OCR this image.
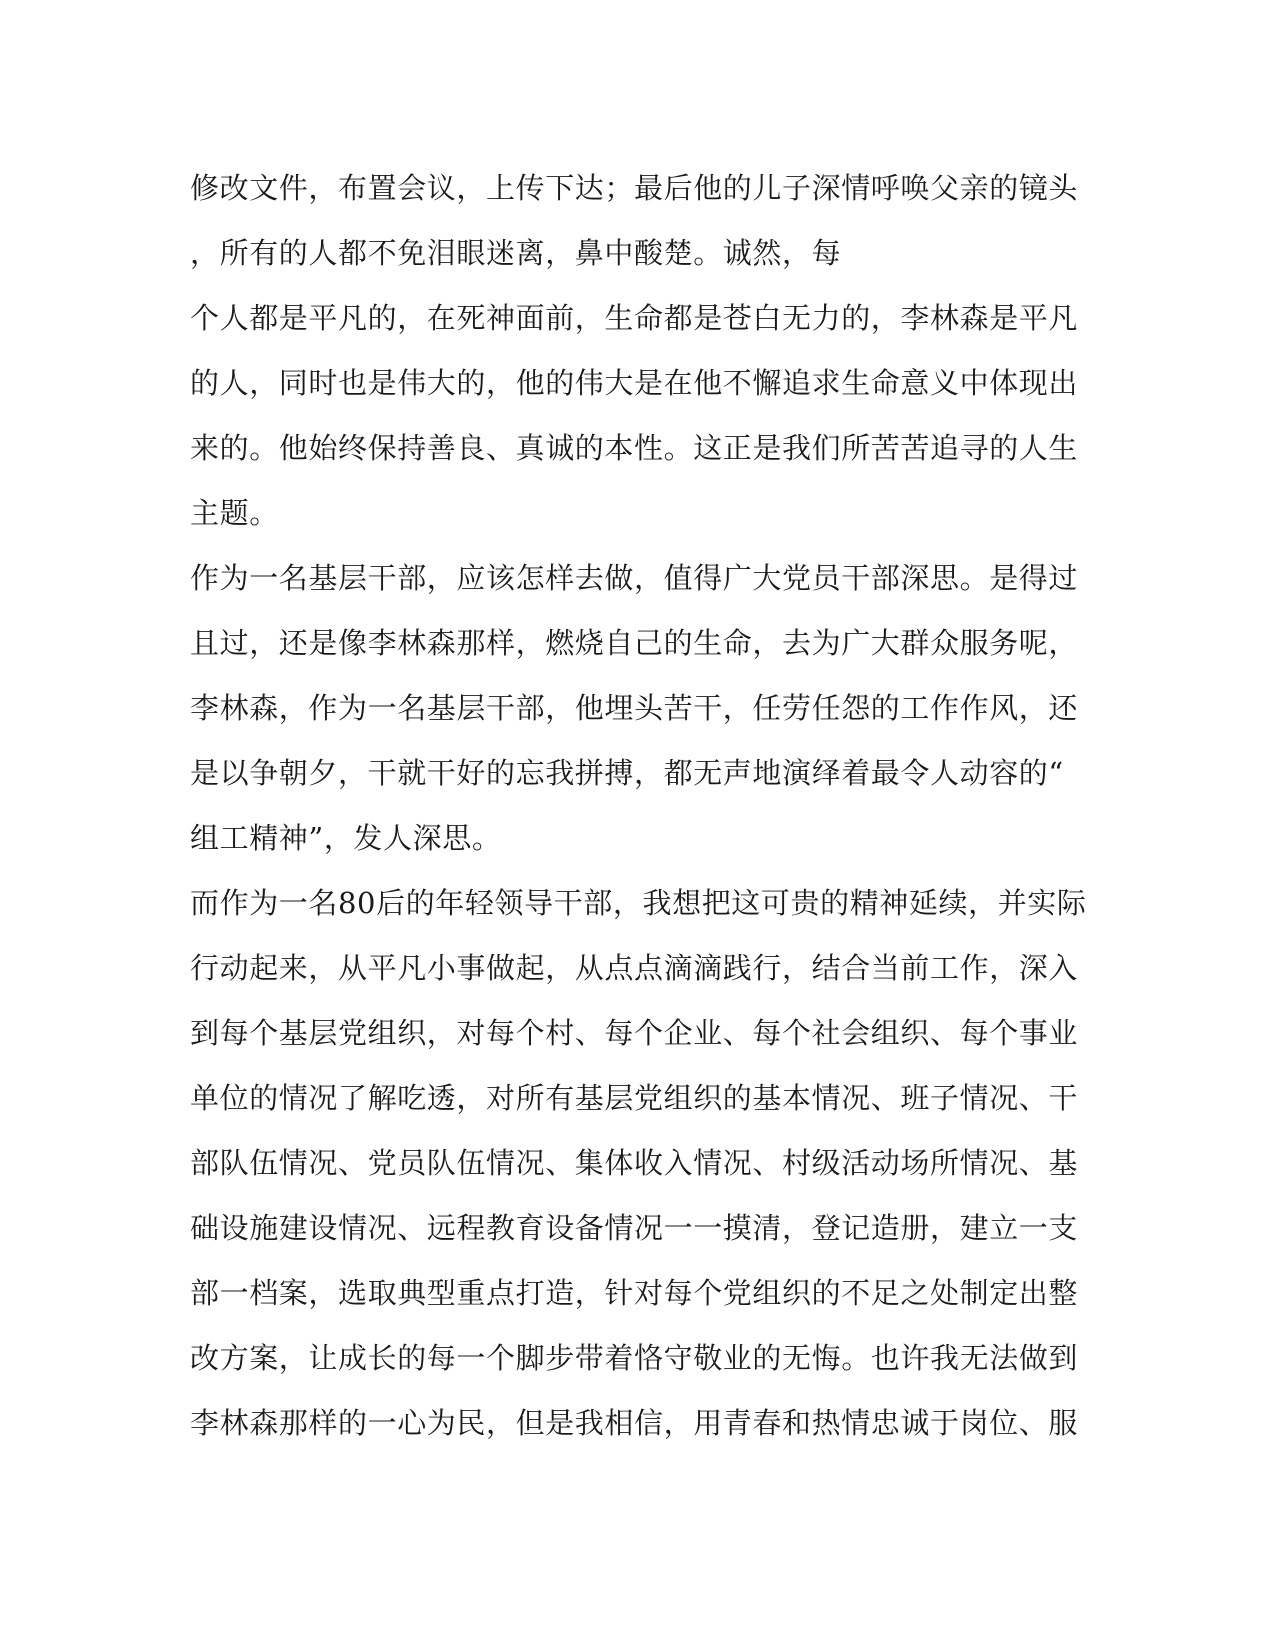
修改文件，布置会议，上传下达；最后他的儿子深情呼唤父亲的镜头
，所有的人都不免泪眼迷离，鼻中酸楚。诚然，每
个人都是平凡的，在死神面前，生命都是苍白无力的，李林森是平凡
的人，同时也是伟大的，他的伟大是在他不懈追求生命意义中体现出
来的。他始终保持善良、真诚的本性。这正是我们所苦苦追寻的人生
主题。
作为一名基层干部，应该怎样去做，值得广大党员干部深思。是得过
且过，还是像李林森那样，燃烧自己的生命，去为广大群众服务呢，
李林森，作为一名基层干部，他埋头苦干，任劳任怨的工作作风，还
是以争朝夕，干就干好的忘我拼搏，都无声地演绎着最令人动容的“
组工精神”，发人深思。
而作为一名80后的年轻领导干部，我想把这可贵的精神延续，并实际
行动起来，从平凡小事做起，从点点滴滴践行，结合当前工作，深入
到每个基层党组织，对每个村、每个企业、每个社会组织、每个事业
单位的情况了解吃透，对所有基层党组织的基本情况、班子情况、干
部队伍情况、党员队伍情况、集体收入情况、村级活动场所情况、基
础设施建设情况、远程教育设备情况一一摸清，登记造册，建立一支
部一档案，选取典型重点打造，针对每个党组织的不足之处制定出整
改方案，让成长的每一个脚步带着恪守敬业的无悔。也许我无法做到
李林森那样的一心为民，但是我相信，用青春和热情忠诚于岗位、服
